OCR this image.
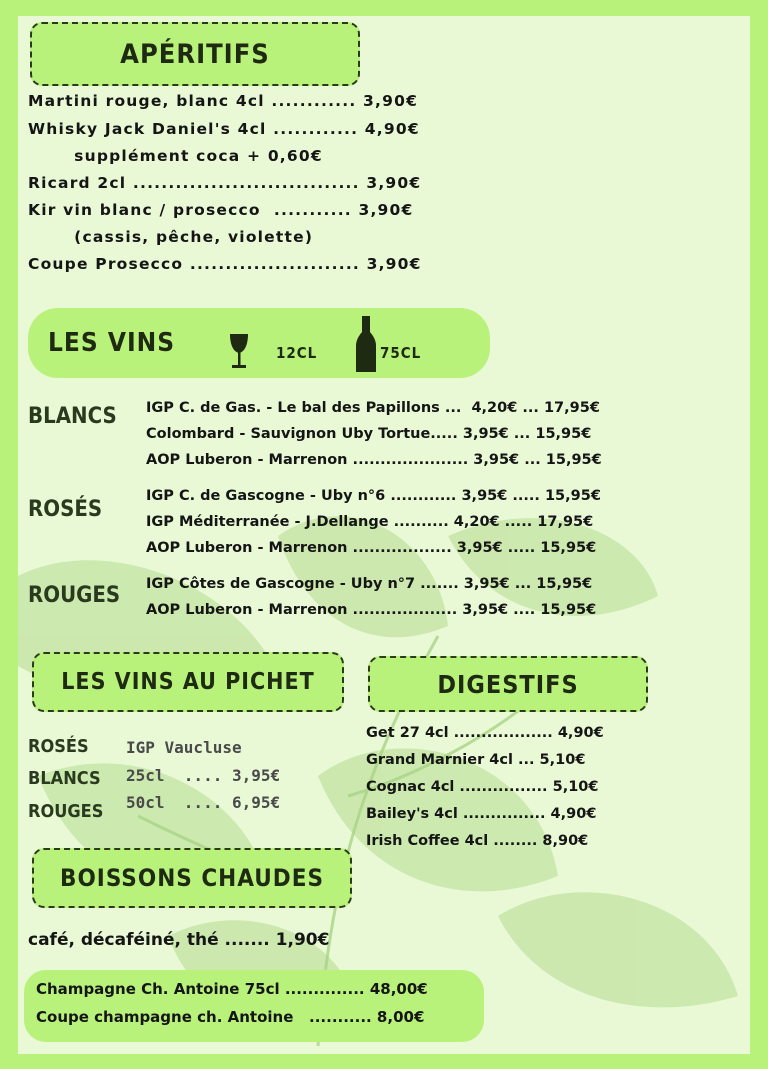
APÉRITIFS
Martini rouge, blanc 4cl ............ 3,90€
Whisky Jack Daniel's 4cl ............ 4,90€
supplément coca + 0,60€
Ricard 2cl ................................ 3,90€
Kir vin blanc / prosecco  ........... 3,90€
(cassis, pêche, violette)
Coupe Prosecco ........................ 3,90€
LES VINS	12CL	75CL
BLANCS IGP C. de Gas. - Le bal des Papillons ...  4,20€ ... 17,95€
Colombard - Sauvignon Uby Tortue..... 3,95€ ... 15,95€
AOP Luberon - Marrenon ..................... 3,95€ ... 15,95€
ROSÉS
IGP C. de Gascogne - Uby n°6 ............ 3,95€ ..... 15,95€
IGP Méditerranée - J.Dellange .......... 4,20€ ..... 17,95€
AOP Luberon - Marrenon .................. 3,95€ ..... 15,95€
ROUGES IGP Côtes de Gascogne - Uby n°7 ....... 3,95€ ... 15,95€
AOP Luberon - Marrenon ................... 3,95€ .... 15,95€
LES VINS AU PICHET
ROSÉS
BLANCS
ROUGES
IGP Vaucluse
25cl  .... 3,95€
50cl  .... 6,95€
DIGESTIFS
Get 27 4cl .................. 4,90€
Grand Marnier 4cl ... 5,10€
Cognac 4cl ................ 5,10€
Bailey's 4cl ............... 4,90€
Irish Coffee 4cl ........ 8,90€
BOISSONS CHAUDES
café, décaféiné, thé ....... 1,90€
Champagne Ch. Antoine 75cl .............. 48,00€
Coupe champagne ch. Antoine   ........... 8,00€
